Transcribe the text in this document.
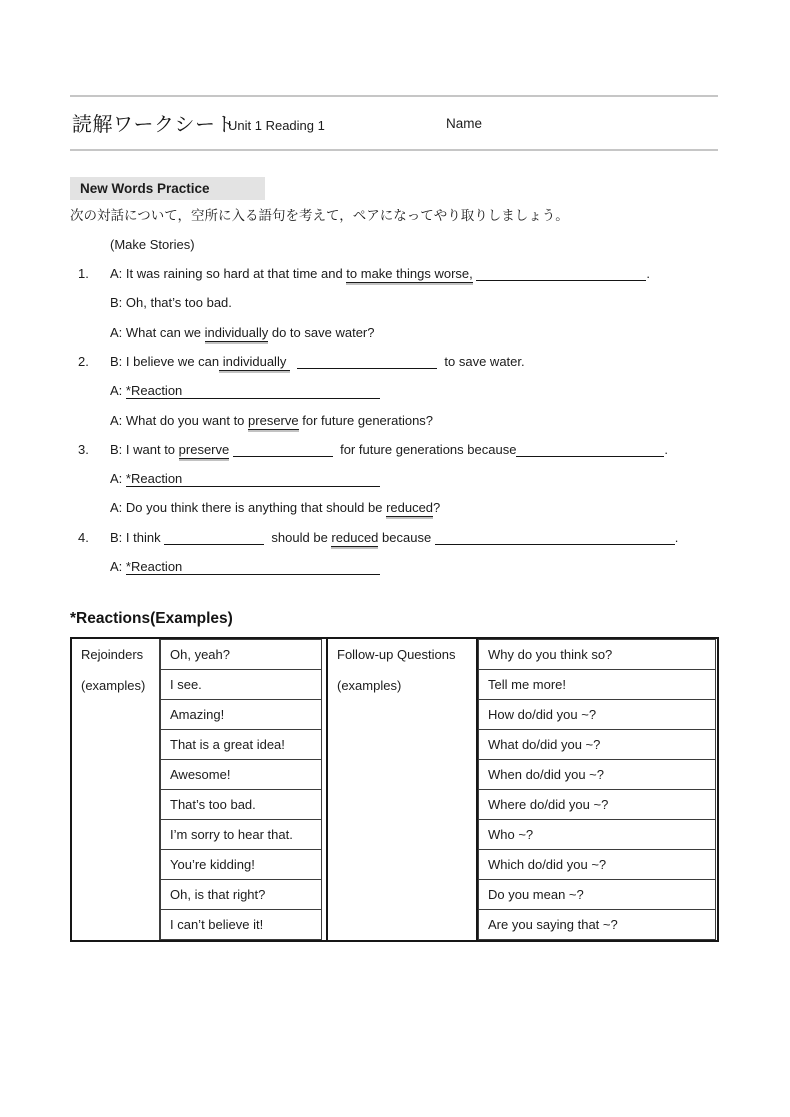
読解ワークシート
Unit 1 Reading 1	Name
New Words Practice
次の対話について，空所に入る語句を考えて，ペアになってやり取りしましょう。
(Make Stories)
1. A: It was raining so hard at that time and to make things worse,	.
B: Oh, that’s too bad.
A: What can we individually do to save water?
2. B: I believe we can individually	to save water.
A: *Reaction
A: What do you want to preserve for future generations?
3. B: I want to preserve	for future generations because	.
A: *Reaction
A: Do you think there is anything that should be reduced?
4. B: I think	should be reduced because	.
A: *Reaction
*Reactions(Examples)
Rejoinders
(examples)
Oh, yeah?
I see.
Amazing!
That is a great idea!
Awesome!
That’s too bad.
I’m sorry to hear that.
You’re kidding!
Oh, is that right?
I can’t believe it!
Follow-up Questions
(examples)
Why do you think so?
Tell me more!
How do/did you ~?
What do/did you ~?
When do/did you ~?
Where do/did you ~?
Who ~?
Which do/did you ~?
Do you mean ~?
Are you saying that ~?
